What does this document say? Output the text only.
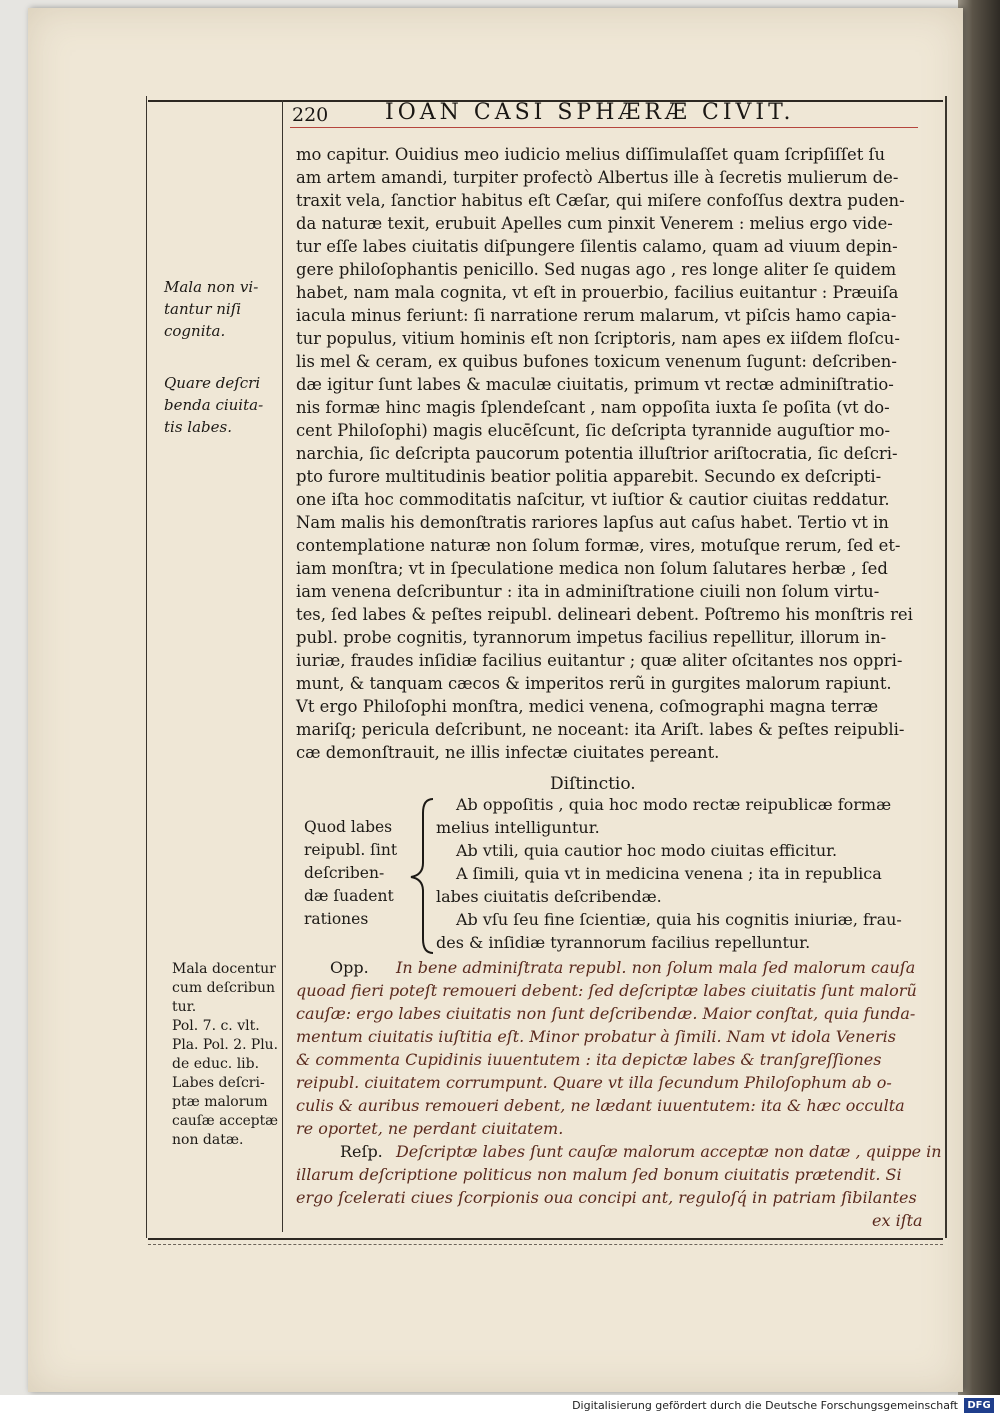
220	IOAN CASI SPHÆRÆ CIVIT.
mo capitur. Ouidius meo iudicio melius diſſimulaſſet quam ſcripſiſſet ſu
am artem amandi, turpiter profectò Albertus ille à ſecretis mulierum de-
traxit vela, ſanctior habitus eſt Cæſar, qui miſere confoſſus dextra puden-
da naturæ texit, erubuit Apelles cum pinxit Venerem : melius ergo vide-
tur eſſe labes ciuitatis diſpungere ſilentis calamo, quam ad viuum depin-
gere philoſophantis penicillo. Sed nugas ago , res longe aliter ſe quidem
habet, nam mala cognita, vt eſt in prouerbio, facilius euitantur : Præuiſa
iacula minus feriunt: ſi narratione rerum malarum, vt piſcis hamo capia-
tur populus, vitium hominis eſt non ſcriptoris, nam apes ex iiſdem floſcu-
lis mel & ceram, ex quibus bufones toxicum venenum ſugunt: deſcriben-
dæ igitur ſunt labes & maculæ ciuitatis, primum vt rectæ adminiſtratio-
nis formæ hinc magis ſplendeſcant , nam oppoſita iuxta ſe poſita (vt do-
cent Philoſophi) magis elucēſcunt, ſic deſcripta tyrannide auguſtior mo-
narchia, ſic deſcripta paucorum potentia illuſtrior ariſtocratia, ſic deſcri-
pto furore multitudinis beatior politia apparebit. Secundo ex deſcripti-
one iſta hoc commoditatis naſcitur, vt iuſtior & cautior ciuitas reddatur.
Nam malis his demonſtratis rariores lapſus aut caſus habet. Tertio vt in
contemplatione naturæ non ſolum formæ, vires, motuſque rerum, ſed et-
iam monſtra; vt in ſpeculatione medica non ſolum ſalutares herbæ , ſed
iam venena deſcribuntur : ita in adminiſtratione ciuili non ſolum virtu-
tes, ſed labes & peſtes reipubl. delineari debent. Poſtremo his monſtris rei
publ. probe cognitis, tyrannorum impetus facilius repellitur, illorum in-
iuriæ, fraudes inſidiæ facilius euitantur ; quæ aliter oſcitantes nos oppri-
munt, & tanquam cæcos & imperitos rerũ in gurgites malorum rapiunt.
Vt ergo Philoſophi monſtra, medici venena, coſmographi magna terræ
mariſq; pericula deſcribunt, ne noceant: ita Ariſt. labes & peſtes reipubli-
cæ demonſtrauit, ne illis infectæ ciuitates pereant.
Mala non vi-
tantur niſi
cognita.
Quare deſcri
benda ciuita-
tis labes.
Diſtinctio.
Quod labes
reipubl. ſint
deſcriben-
dæ ſuadent
rationes
Ab oppoſitis , quia hoc modo rectæ reipublicæ formæ
melius intelliguntur.
Ab vtili, quia cautior hoc modo ciuitas efficitur.
A ſimili, quia vt in medicina venena ; ita in republica
labes ciuitatis deſcribendæ.
Ab vſu ſeu fine ſcientiæ, quia his cognitis iniuriæ, frau-
des & inſidiæ tyrannorum facilius repelluntur.
Mala docentur
cum deſcribun
tur.
Pol. 7. c. vlt.
Pla. Pol. 2. Plu.
de educ. lib.
Labes deſcri-
ptæ malorum
cauſæ acceptæ
non datæ.
Opp. In bene adminiſtrata republ. non ſolum mala ſed malorum cauſa
quoad fieri poteſt remoueri debent: ſed deſcriptæ labes ciuitatis ſunt malorũ
cauſæ: ergo labes ciuitatis non ſunt deſcribendæ. Maior conſtat, quia funda-
mentum ciuitatis iuſtitia eſt. Minor probatur à ſimili. Nam vt idola Veneris
& commenta Cupidinis iuuentutem : ita depictæ labes & tranſgreſſiones
reipubl. ciuitatem corrumpunt. Quare vt illa ſecundum Philoſophum ab o-
culis & auribus remoueri debent, ne lædant iuuentutem: ita & hæc occulta
re oportet, ne perdant ciuitatem.
Reſp. Deſcriptæ labes ſunt cauſæ malorum acceptæ non datæ , quippe in
illarum deſcriptione politicus non malum ſed bonum ciuitatis prætendit. Si
ergo ſcelerati ciues ſcorpionis oua concipi ant, reguloſq́ in patriam ſibilantes
ex iſta
Digitalisierung gefördert durch die Deutsche Forschungsgemeinschaft DFG
